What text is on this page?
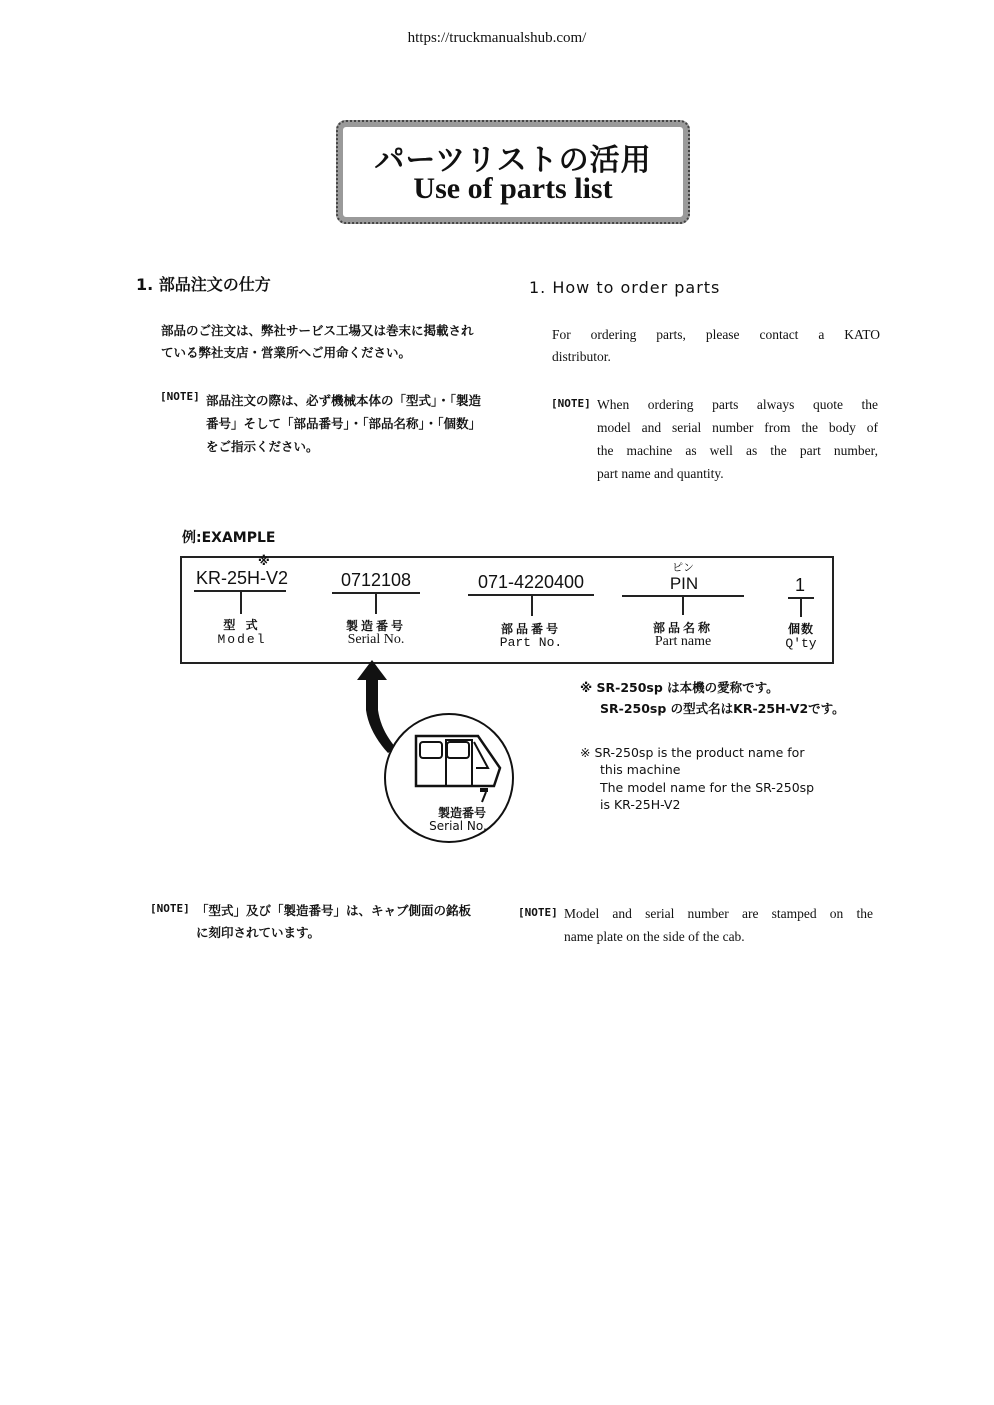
https://truckmanualshub.com/
パーツリストの活用
Use of parts list
1. 部品注文の仕方
部品のご注文は、弊社サービス工場又は巻末に掲載され
ている弊社支店・営業所へご用命ください。
[NOTE] 部品注文の際は、必ず機械本体の「型式」・「製造
番号」そして「部品番号」・「部品名称」・「個数」
をご指示ください。
1. How to order parts
For ordering parts, please contact a KATO
distributor.
[NOTE] When ordering parts always quote the
model and serial number from the body of
the machine as well as the part number,
part name and quantity.
例:EXAMPLE
※	ピン
KR-25H-V2
型 式
Model
0712108
製造番号
Serial No.
071-4220400
部品番号
Part No.
PIN
部品名称
Part name
1
個数
Q'ty
製造番号
Serial No.
※ SR-250sp は本機の愛称です。
SR-250sp の型式名はKR-25H-V2です。
※ SR-250sp is the product name for
this machine
The model name for the SR-250sp
is KR-25H-V2
[NOTE] 「型式」及び「製造番号」は、キャブ側面の銘板
に刻印されています。
[NOTE] Model and serial number are stamped on the
name plate on the side of the cab.
